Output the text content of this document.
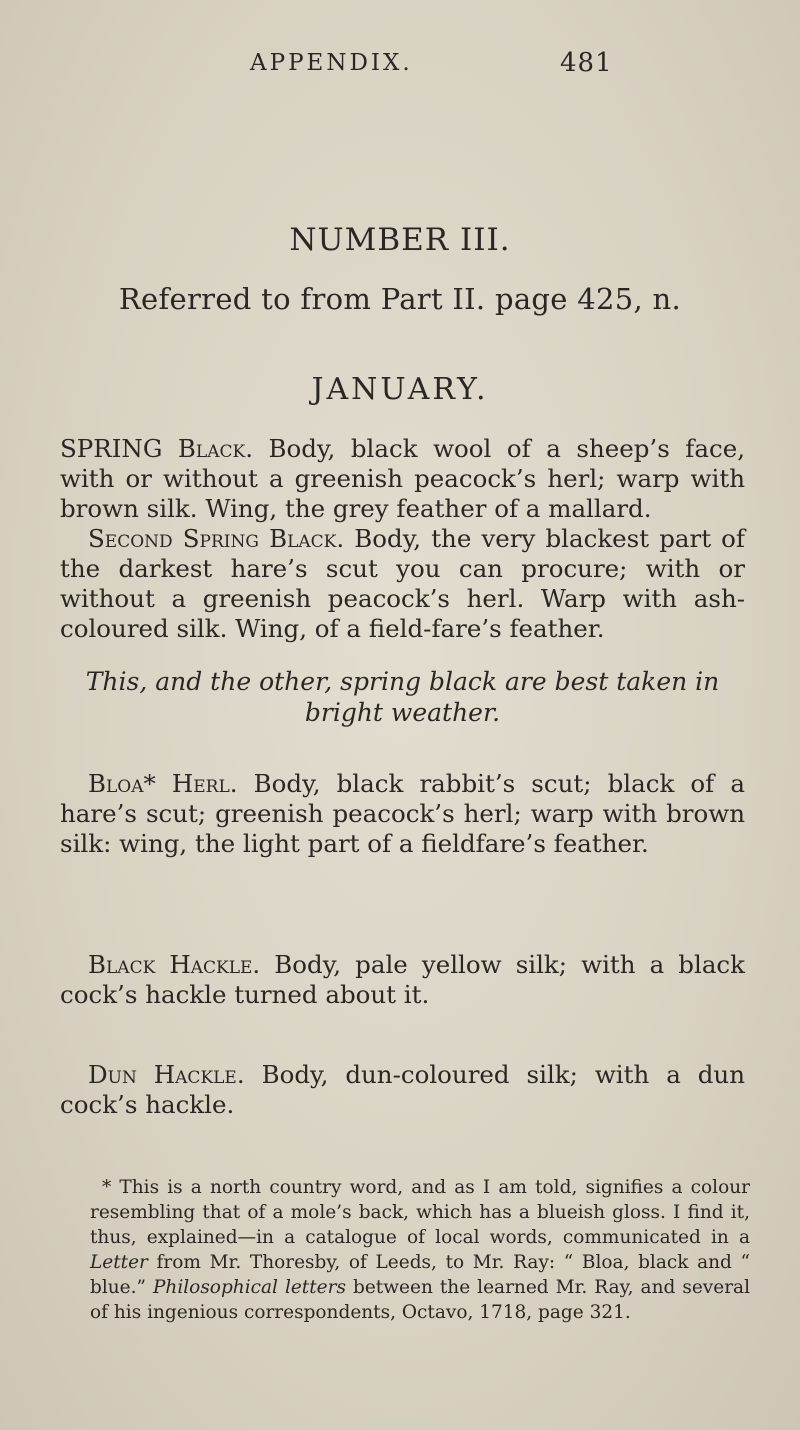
APPENDIX.	481
NUMBER III.
Referred to from Part II. page 425, n.
JANUARY.

SPRING Black. Body, black wool of a sheep’s face, with or without a greenish peacock’s herl; warp with brown silk. Wing, the grey feather of a mallard.

Second Spring Black. Body, the very blackest part of the darkest hare’s scut you can procure; with or without a greenish peacock’s herl. Warp with ash-coloured silk. Wing, of a field-fare’s feather.

This, and the other, spring black are best taken in bright weather.

Bloa* Herl. Body, black rabbit’s scut; black of a hare’s scut; greenish peacock’s herl; warp with brown silk: wing, the light part of a fieldfare’s feather.

Black Hackle. Body, pale yellow silk; with a black cock’s hackle turned about it.

Dun Hackle. Body, dun-coloured silk; with a dun cock’s hackle.

* This is a north country word, and as I am told, signifies a colour resembling that of a mole’s back, which has a blueish gloss. I find it, thus, explained—in a catalogue of local words, communicated in a Letter from Mr. Thoresby, of Leeds, to Mr. Ray: “ Bloa, black and “ blue.” Philosophical letters between the learned Mr. Ray, and several of his ingenious correspondents, Octavo, 1718, page 321.
